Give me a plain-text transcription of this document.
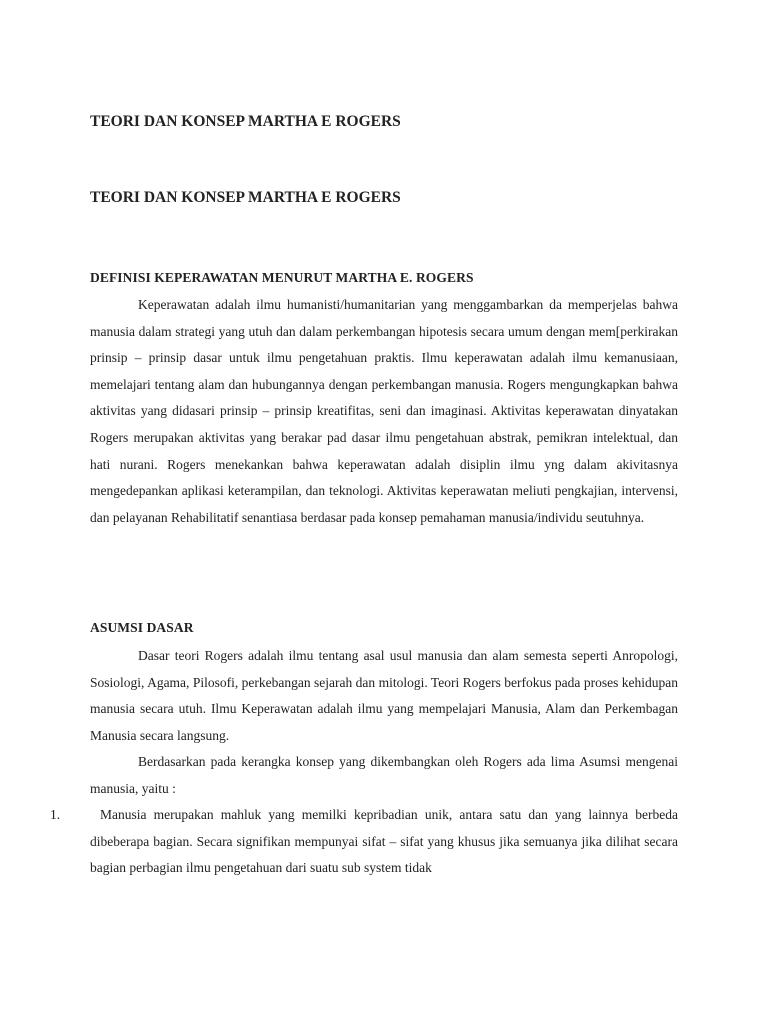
TEORI DAN KONSEP MARTHA E ROGERS
TEORI DAN KONSEP MARTHA E ROGERS
DEFINISI KEPERAWATAN MENURUT MARTHA E. ROGERS

Keperawatan adalah ilmu humanisti/humanitarian yang menggambarkan da memperjelas bahwa manusia dalam strategi yang utuh dan dalam perkembangan hipotesis secara umum dengan mem[perkirakan prinsip – prinsip dasar untuk ilmu pengetahuan praktis. Ilmu keperawatan adalah ilmu kemanusiaan, memelajari tentang alam dan hubungannya dengan perkembangan manusia. Rogers mengungkapkan bahwa aktivitas yang didasari prinsip – prinsip kreatifitas, seni dan imaginasi. Aktivitas keperawatan dinyatakan Rogers merupakan aktivitas yang berakar pad dasar ilmu pengetahuan abstrak, pemikran intelektual, dan hati nurani. Rogers menekankan bahwa keperawatan adalah disiplin ilmu yng dalam akivitasnya mengedepankan aplikasi keterampilan, dan teknologi. Aktivitas keperawatan meliuti pengkajian, intervensi, dan pelayanan Rehabilitatif senantiasa berdasar pada konsep pemahaman manusia/individu seutuhnya.

ASUMSI DASAR

Dasar teori Rogers adalah ilmu tentang asal usul manusia dan alam semesta seperti Anropologi, Sosiologi, Agama, Pilosofi, perkebangan sejarah dan mitologi. Teori Rogers berfokus pada proses kehidupan manusia secara utuh. Ilmu Keperawatan adalah ilmu yang mempelajari Manusia, Alam dan Perkembagan Manusia secara langsung.

Berdasarkan pada kerangka konsep yang dikembangkan oleh Rogers ada lima Asumsi mengenai manusia, yaitu :

1.	Manusia merupakan mahluk yang memilki kepribadian unik, antara satu dan yang lainnya berbeda dibeberapa bagian. Secara signifikan mempunyai sifat – sifat yang khusus jika semuanya jika dilihat secara bagian perbagian ilmu pengetahuan dari suatu sub system tidak
